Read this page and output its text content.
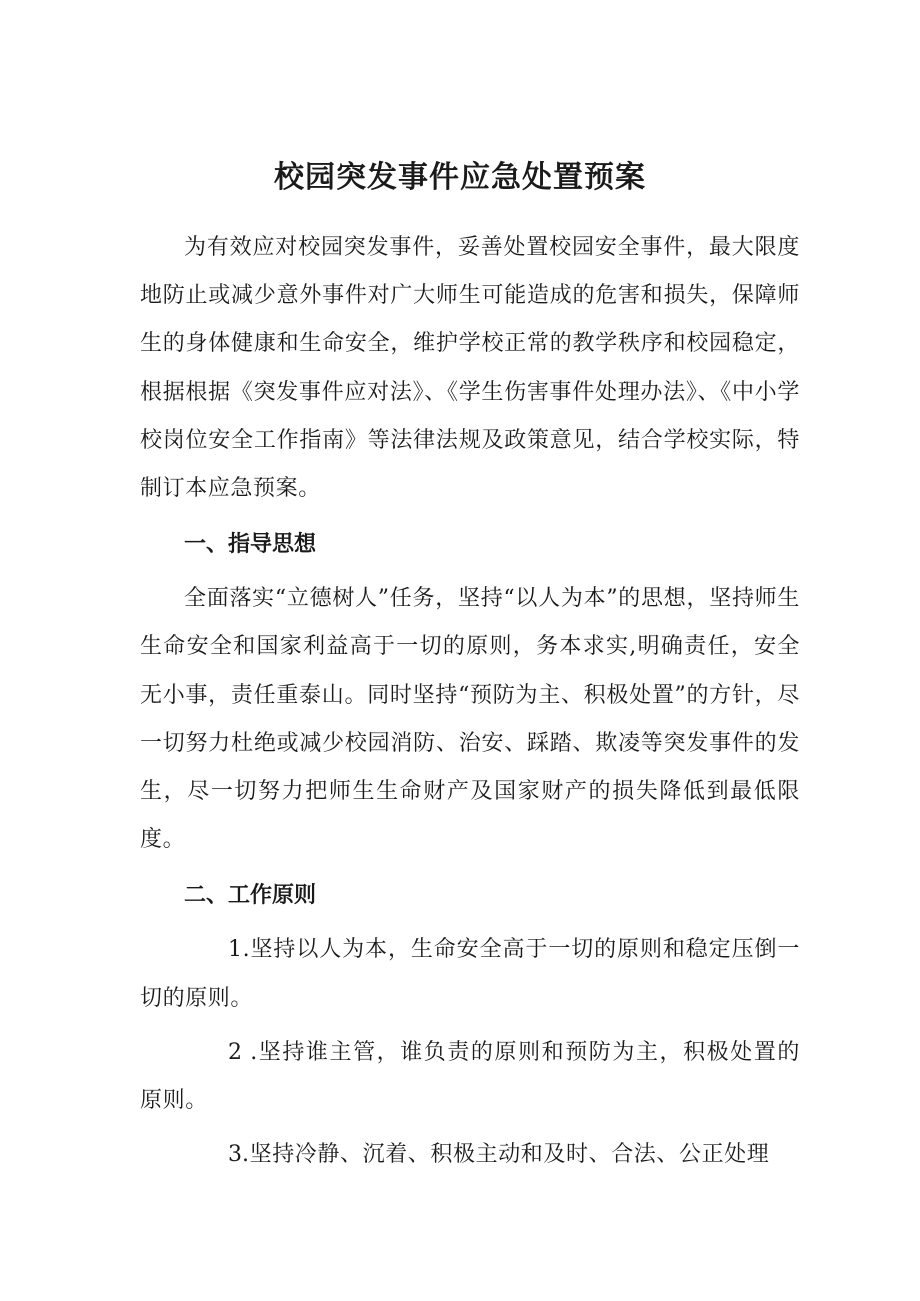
校园突发事件应急处置预案

为有效应对校园突发事件，妥善处置校园安全事件，最大限度地防止或减少意外事件对广大师生可能造成的危害和损失，保障师生的身体健康和生命安全，维护学校正常的教学秩序和校园稳定，根据根据《突发事件应对法》、《学生伤害事件处理办法》、《中小学校岗位安全工作指南》等法律法规及政策意见，结合学校实际，特制订本应急预案。

一、指导思想

全面落实“立德树人”任务，坚持“以人为本”的思想，坚持师生生命安全和国家利益高于一切的原则，务本求实,明确责任，安全无小事，责任重泰山。同时坚持“预防为主、积极处置”的方针，尽一切努力杜绝或减少校园消防、治安、踩踏、欺凌等突发事件的发生，尽一切努力把师生生命财产及国家财产的损失降低到最低限度。

二、工作原则

1.坚持以人为本，生命安全高于一切的原则和稳定压倒一切的原则。

2 .坚持谁主管，谁负责的原则和预防为主，积极处置的原则。

3.坚持冷静、沉着、积极主动和及时、合法、公正处理
